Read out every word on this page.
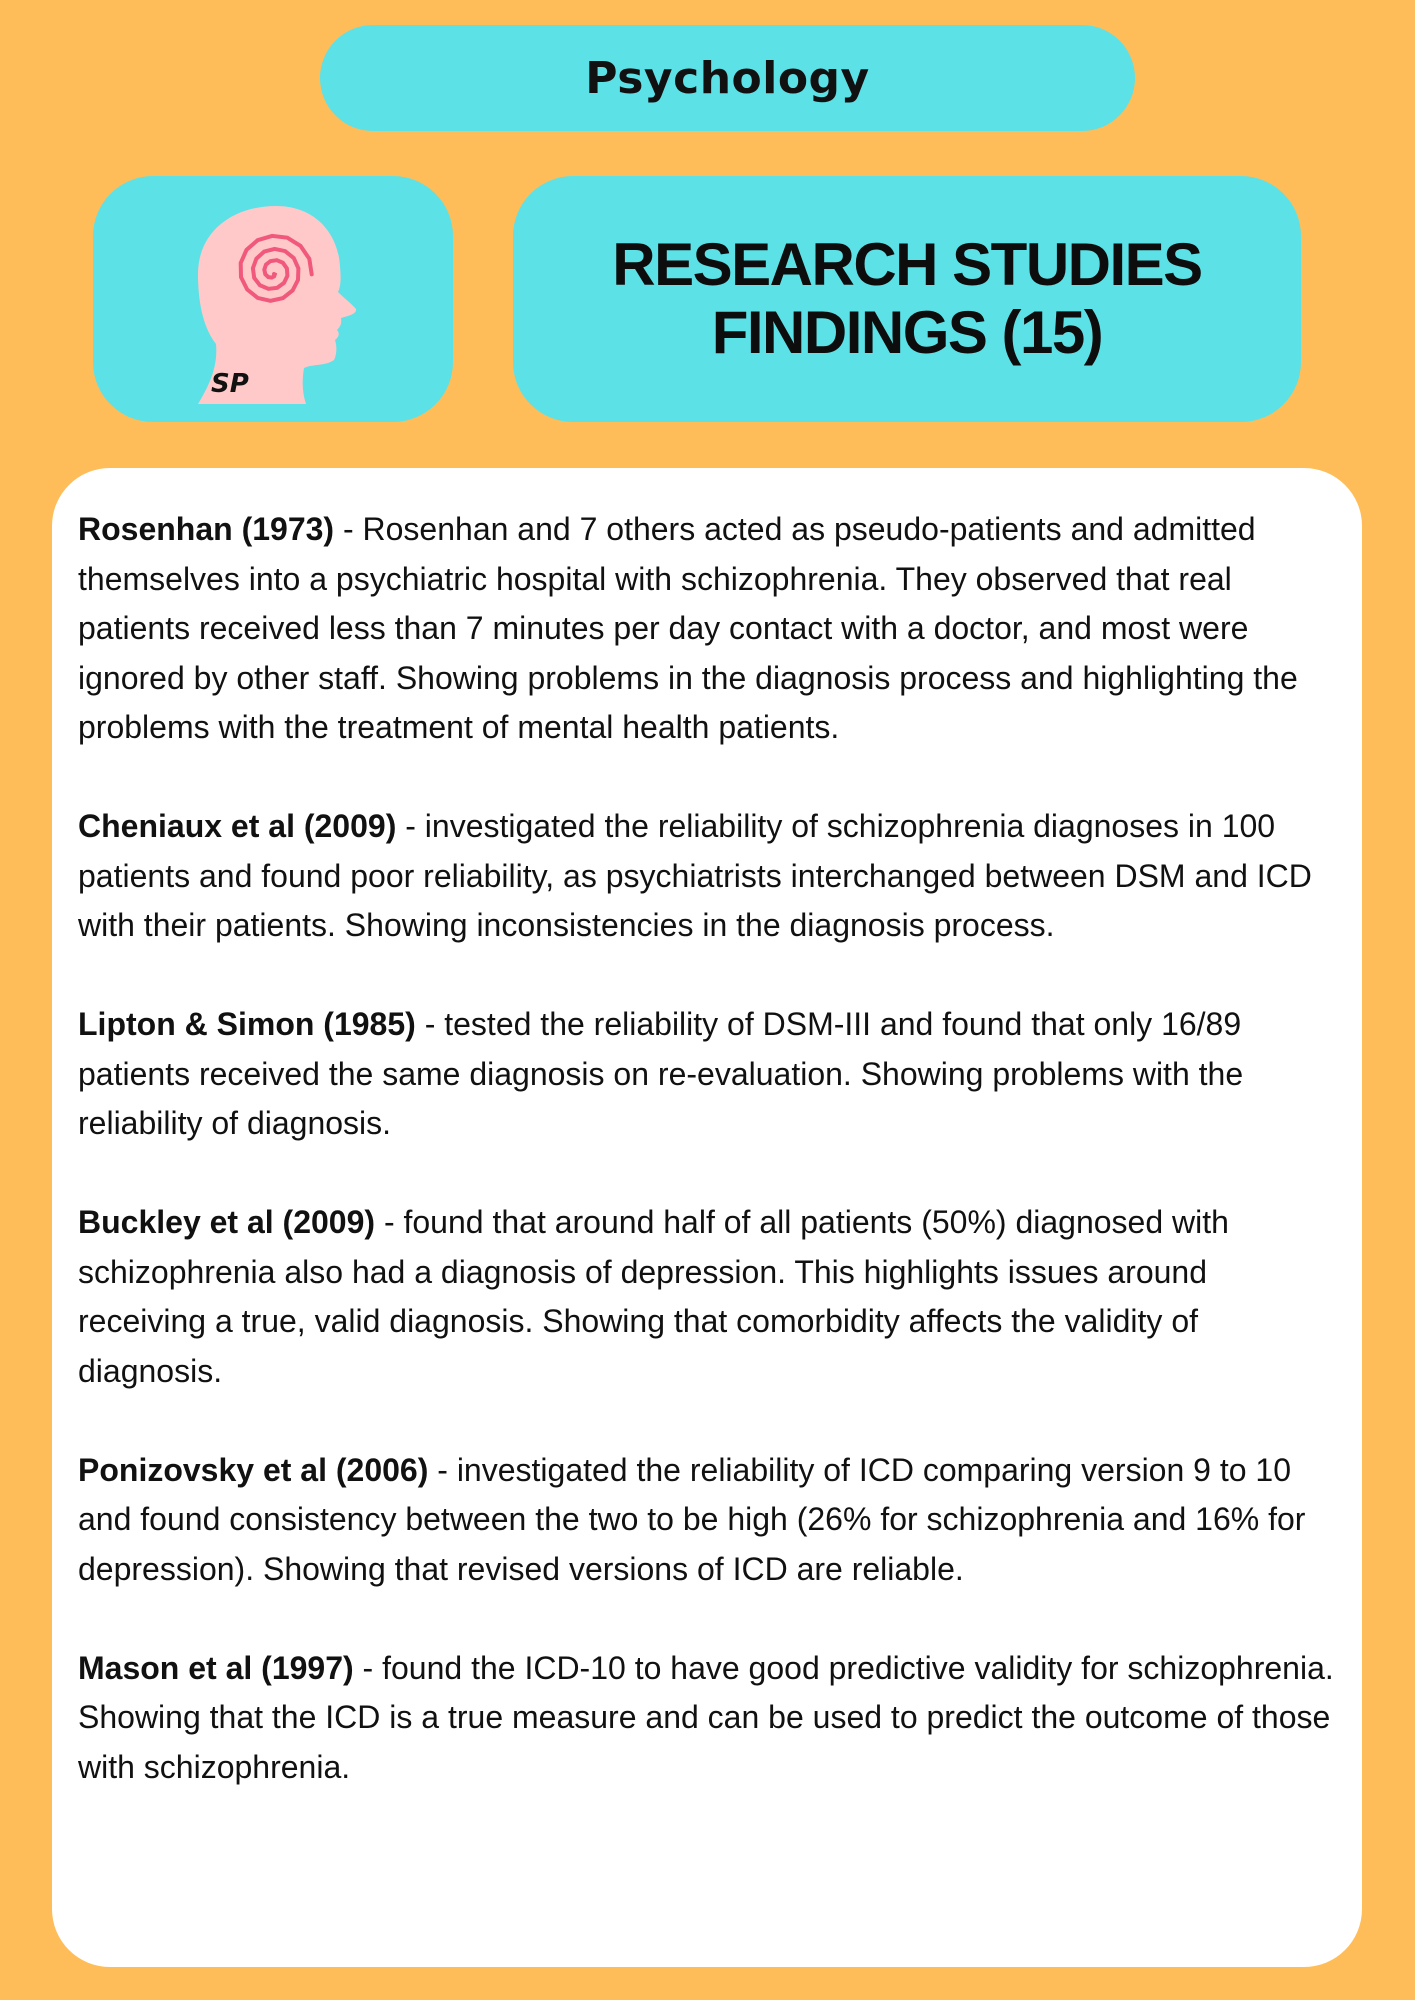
Psychology
SP
RESEARCH STUDIES
FINDINGS (15)

Rosenhan (1973) - Rosenhan and 7 others acted as pseudo-patients and admitted themselves into a psychiatric hospital with schizophrenia. They observed that real patients received less than 7 minutes per day contact with a doctor, and most were ignored by other staff. Showing problems in the diagnosis process and highlighting the problems with the treatment of mental health patients.

Cheniaux et al (2009) - investigated the reliability of schizophrenia diagnoses in 100 patients and found poor reliability, as psychiatrists interchanged between DSM and ICD with their patients. Showing inconsistencies in the diagnosis process.

Lipton & Simon (1985) - tested the reliability of DSM-III and found that only 16/89 patients received the same diagnosis on re-evaluation. Showing problems with the reliability of diagnosis.

Buckley et al (2009) - found that around half of all patients (50%) diagnosed with schizophrenia also had a diagnosis of depression. This highlights issues around receiving a true, valid diagnosis. Showing that comorbidity affects the validity of diagnosis.

Ponizovsky et al (2006) - investigated the reliability of ICD comparing version 9 to 10 and found consistency between the two to be high (26% for schizophrenia and 16% for depression). Showing that revised versions of ICD are reliable.

Mason et al (1997) - found the ICD-10 to have good predictive validity for schizophrenia. Showing that the ICD is a true measure and can be used to predict the outcome of those with schizophrenia.
